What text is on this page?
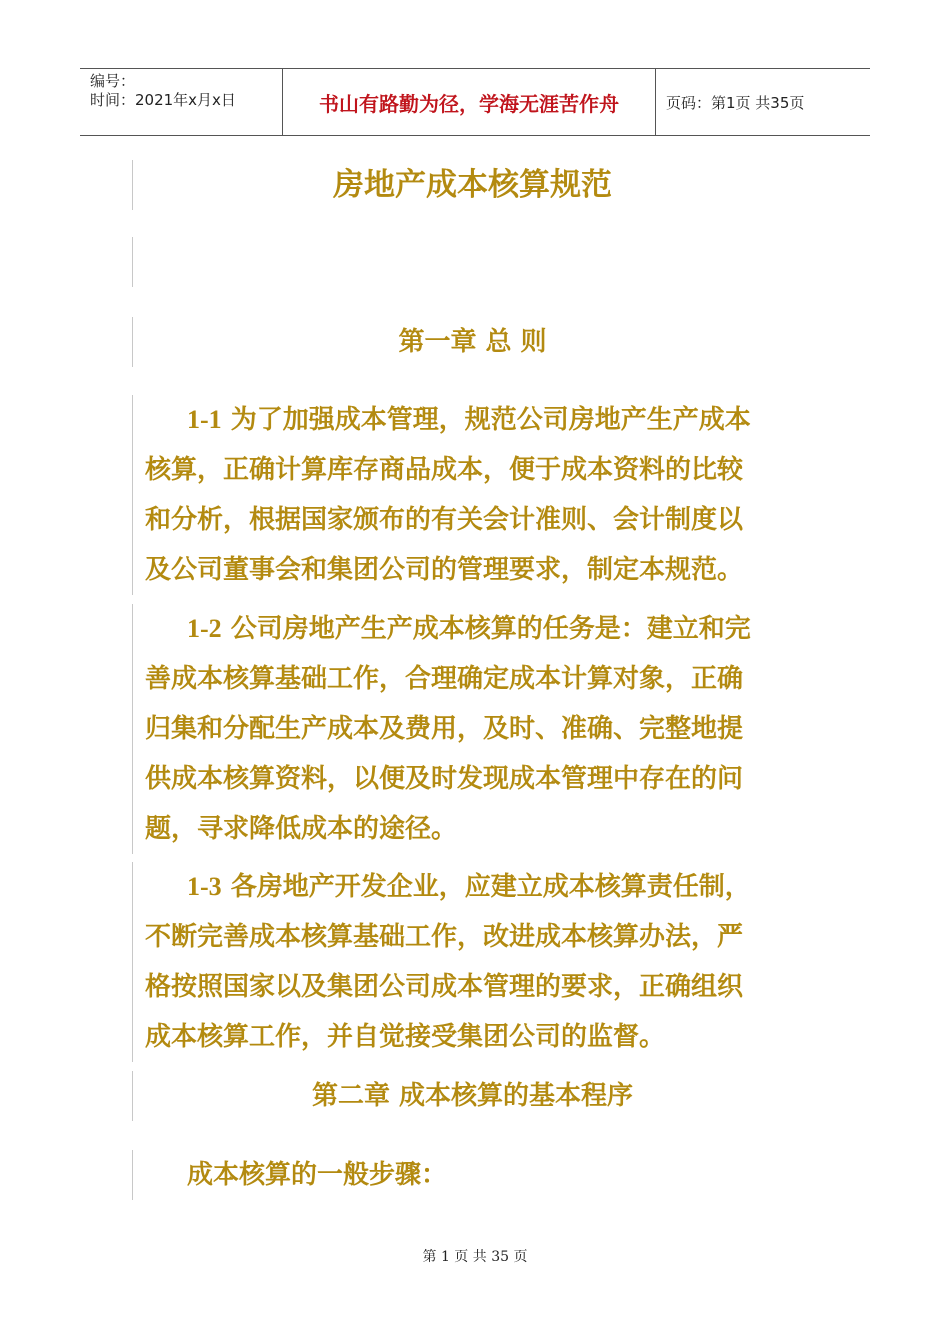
编号：
时间：2021年x月x日	书山有路勤为径，学海无涯苦作舟	页码：第1页 共35页
房地产成本核算规范
第一章 总 则
1-1 为了加强成本管理，规范公司房地产生产成本
核算，正确计算库存商品成本，便于成本资料的比较
和分析，根据国家颁布的有关会计准则、会计制度以
及公司董事会和集团公司的管理要求，制定本规范。
1-2 公司房地产生产成本核算的任务是：建立和完
善成本核算基础工作，合理确定成本计算对象，正确
归集和分配生产成本及费用，及时、准确、完整地提
供成本核算资料，以便及时发现成本管理中存在的问
题，寻求降低成本的途径。
1-3 各房地产开发企业，应建立成本核算责任制，
不断完善成本核算基础工作，改进成本核算办法，严
格按照国家以及集团公司成本管理的要求，正确组织
成本核算工作，并自觉接受集团公司的监督。
第二章 成本核算的基本程序
成本核算的一般步骤：
第 1 页 共 35 页
